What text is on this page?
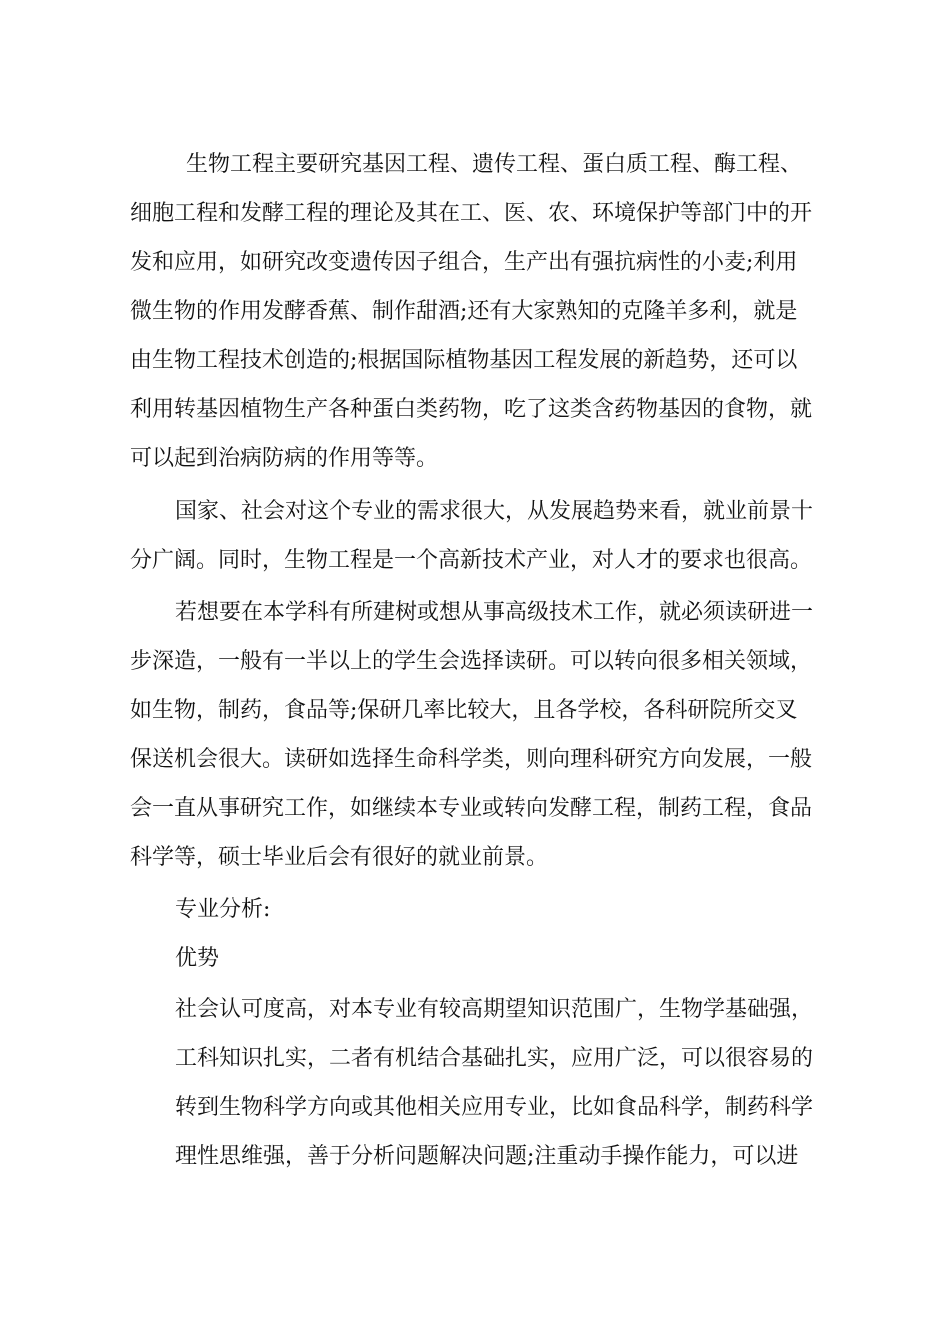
生物工程主要研究基因工程、遗传工程、蛋白质工程、酶工程、
细胞工程和发酵工程的理论及其在工、医、农、环境保护等部门中的开
发和应用，如研究改变遗传因子组合，生产出有强抗病性的小麦;利用
微生物的作用发酵香蕉、制作甜酒;还有大家熟知的克隆羊多利，就是
由生物工程技术创造的;根据国际植物基因工程发展的新趋势，还可以
利用转基因植物生产各种蛋白类药物，吃了这类含药物基因的食物，就
可以起到治病防病的作用等等。
国家、社会对这个专业的需求很大，从发展趋势来看，就业前景十
分广阔。同时，生物工程是一个高新技术产业，对人才的要求也很高。
若想要在本学科有所建树或想从事高级技术工作，就必须读研进一
步深造，一般有一半以上的学生会选择读研。可以转向很多相关领域，
如生物，制药，食品等;保研几率比较大，且各学校，各科研院所交叉
保送机会很大。读研如选择生命科学类，则向理科研究方向发展，一般
会一直从事研究工作，如继续本专业或转向发酵工程，制药工程，食品
科学等，硕士毕业后会有很好的就业前景。
专业分析:
优势
社会认可度高，对本专业有较高期望知识范围广，生物学基础强，
工科知识扎实，二者有机结合基础扎实，应用广泛，可以很容易的
转到生物科学方向或其他相关应用专业，比如食品科学，制药科学
理性思维强，善于分析问题解决问题;注重动手操作能力，可以进
